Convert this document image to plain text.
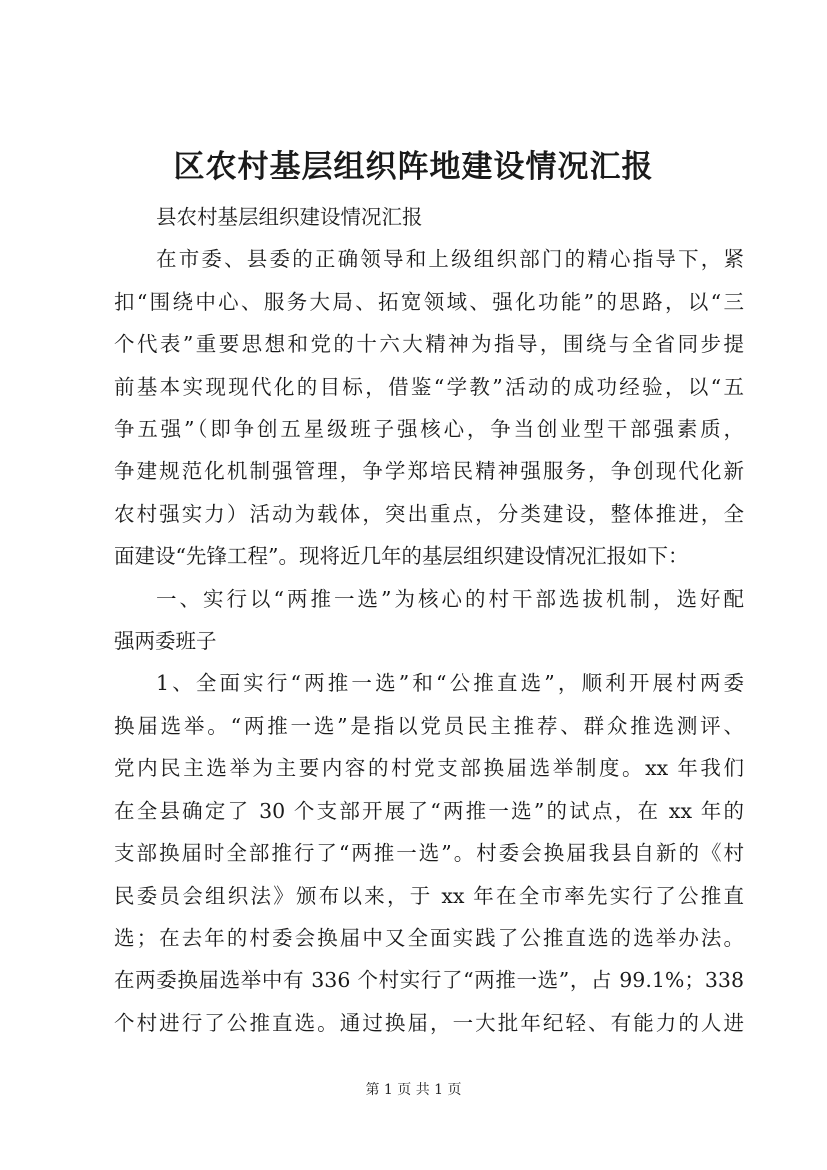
区农村基层组织阵地建设情况汇报
县农村基层组织建设情况汇报
在市委、县委的正确领导和上级组织部门的精心指导下，紧
扣“围绕中心、服务大局、拓宽领域、强化功能”的思路，以“三
个代表”重要思想和党的十六大精神为指导，围绕与全省同步提
前基本实现现代化的目标，借鉴“学教”活动的成功经验，以“五
争五强”（即争创五星级班子强核心，争当创业型干部强素质，
争建规范化机制强管理，争学郑培民精神强服务，争创现代化新
农村强实力）活动为载体，突出重点，分类建设，整体推进，全
面建设“先锋工程”。现将近几年的基层组织建设情况汇报如下：
一、实行以“两推一选”为核心的村干部选拔机制，选好配
强两委班子
1、全面实行“两推一选”和“公推直选”，顺利开展村两委
换届选举。“两推一选”是指以党员民主推荐、群众推选测评、
党内民主选举为主要内容的村党支部换届选举制度。xx 年我们
在全县确定了 30 个支部开展了“两推一选”的试点，在 xx 年的
支部换届时全部推行了“两推一选”。村委会换届我县自新的《村
民委员会组织法》颁布以来，于 xx 年在全市率先实行了公推直
选；在去年的村委会换届中又全面实践了公推直选的选举办法。
在两委换届选举中有 336 个村实行了“两推一选”，占 99.1%；338
个村进行了公推直选。通过换届，一大批年纪轻、有能力的人进
第 1 页 共 1 页
